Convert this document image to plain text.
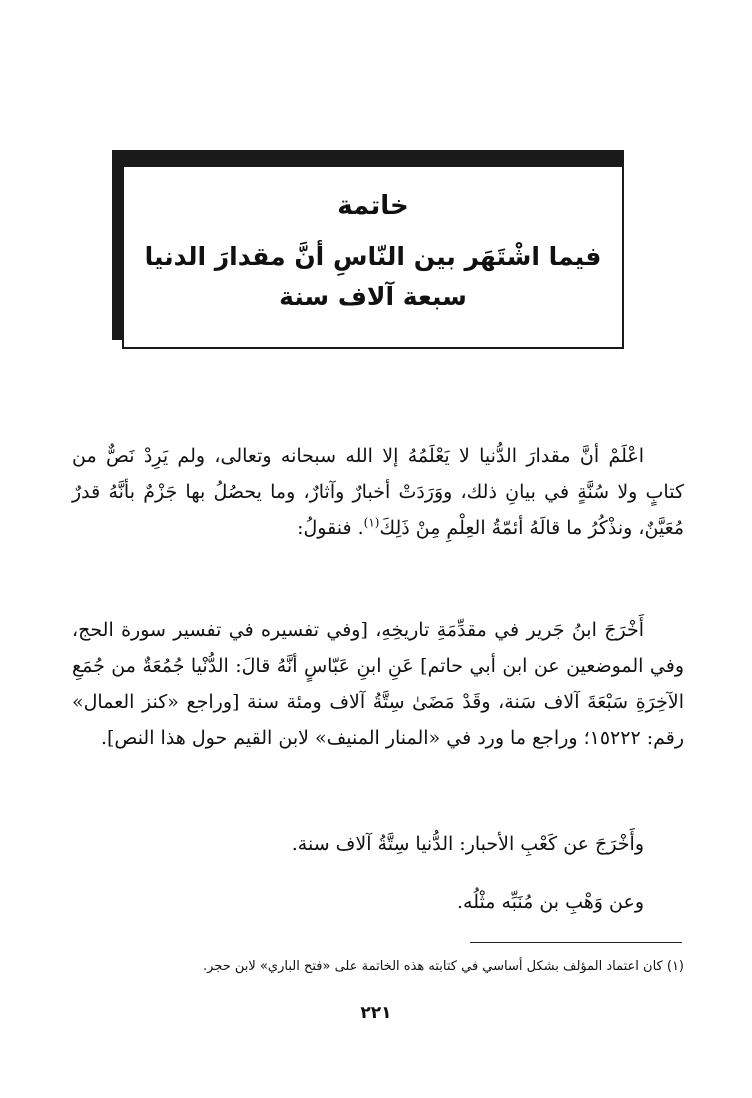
خاتمة
فيما اشْتَهَر بين النّاسِ أنَّ مقدارَ الدنيا
سبعة آلاف سنة
اعْلَمْ أنَّ مقدارَ الدُّنيا لا يَعْلَمُهُ إلا الله سبحانه وتعالى، ولم يَرِدْ نَصٌّ من كتابٍ ولا سُنَّةٍ في بيانِ ذلك، ووَرَدَتْ أخبارٌ وآثارٌ، وما يحصُلُ بها جَزْمٌ بأنَّهُ قدرٌ مُعَيَّنٌ، ونذْكُرُ ما قالَهُ أئمّةُ العِلْمِ مِنْ ذَلِكَ$^{(١)}$. فنقولُ:
أَخْرَجَ ابنُ جَرير في مقدِّمَةِ تاريخِهِ، [وفي تفسيره في تفسير سورة الحج، وفي الموضعين عن ابن أبي حاتم] عَنِ ابنِ عَبّاسٍ أنَّهُ قالَ: الدُّنْيا جُمُعَةٌ من جُمَعِ الآخِرَةِ سَبْعَةَ آلاف سَنة، وقَدْ مَضَىٰ سِتَّةُ آلاف ومئة سنة [وراجع «كنز العمال» رقم: ١٥٢٢٢؛ وراجع ما ورد في «المنار المنيف» لابن القيم حول هذا النص].
وأَخْرَجَ عن كَعْبِ الأحبار: الدُّنيا سِتَّةُ آلاف سنة.
وعن وَهْبِ بن مُنَبِّه مثْلُه.
(١) كان اعتماد المؤلف بشكل أساسي في كتابته هذه الخاتمة على «فتح الباري» لابن حجر.
٢٢١
